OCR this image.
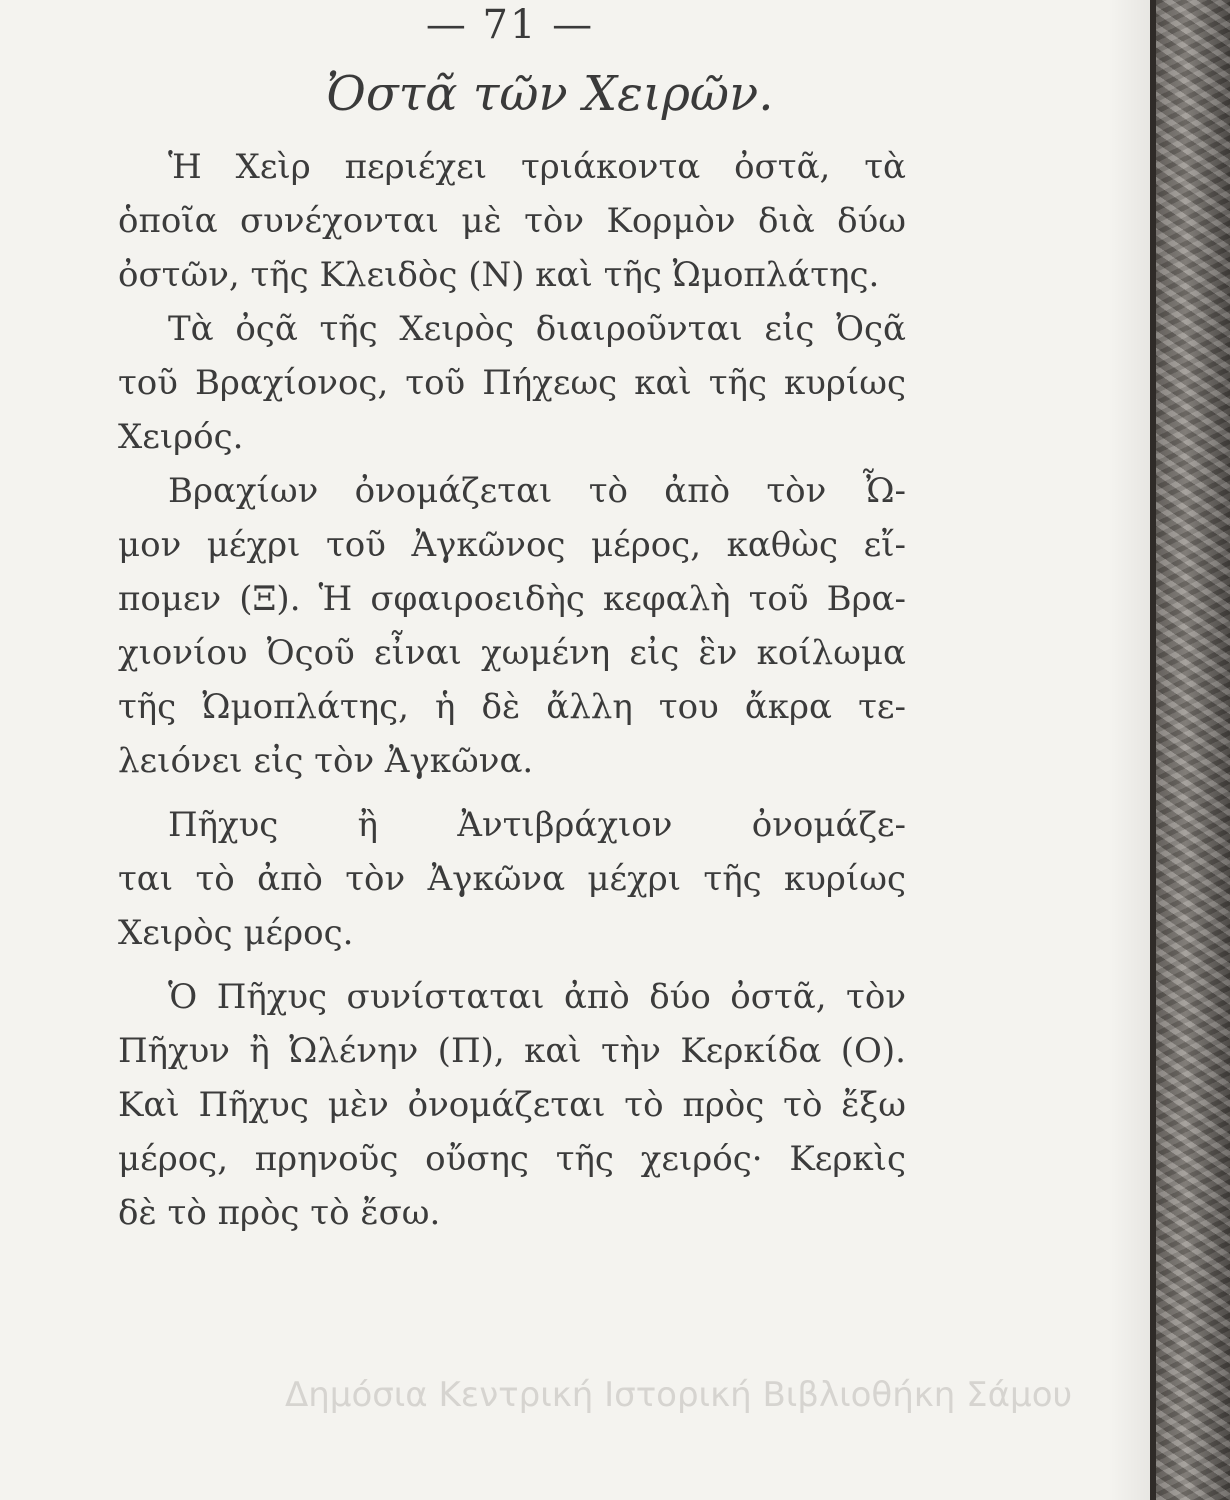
— 71 —
Ὀστᾶ τῶν Χειρῶν.
Ἡ Χεὶρ περιέχει τριάκοντα ὀστᾶ, τὰ
ὁποῖα συνέχονται μὲ τὸν Κορμὸν διὰ δύω
ὀστῶν, τῆς Κλειδὸς (Ν) καὶ τῆς Ὠμοπλάτης.
Τὰ ὀςᾶ τῆς Χειρὸς διαιροῦνται εἰς Ὀςᾶ
τοῦ Βραχίονος, τοῦ Πήχεως καὶ τῆς κυρίως
Χειρός.
Βραχίων ὀνομάζεται τὸ ἀπὸ τὸν Ὦ-
μον μέχρι τοῦ Ἀγκῶνος μέρος, καθὼς εἴ-
πομεν (Ξ). Ἡ σφαιροειδὴς κεφαλὴ τοῦ Βρα-
χιονίου Ὀςοῦ εἶναι χωμένη εἰς ἓν κοίλωμα
τῆς Ὠμοπλάτης, ἡ δὲ ἄλλη του ἄκρα τε-
λειόνει εἰς τὸν Ἀγκῶνα.
Πῆχυς ἢ Ἀντιβράχιον ὀνομάζε-
ται τὸ ἀπὸ τὸν Ἀγκῶνα μέχρι τῆς κυρίως
Χειρὸς μέρος.
Ὁ Πῆχυς συνίσταται ἀπὸ δύο ὀστᾶ, τὸν
Πῆχυν ἢ Ὠλένην (Π), καὶ τὴν Κερκίδα (Ο).
Καὶ Πῆχυς μὲν ὀνομάζεται τὸ πρὸς τὸ ἔξω
μέρος, πρηνοῦς οὔσης τῆς χειρός· Κερκὶς
δὲ τὸ πρὸς τὸ ἔσω.
Δημόσια Κεντρική Ιστορική Βιβλιοθήκη Σάμου
